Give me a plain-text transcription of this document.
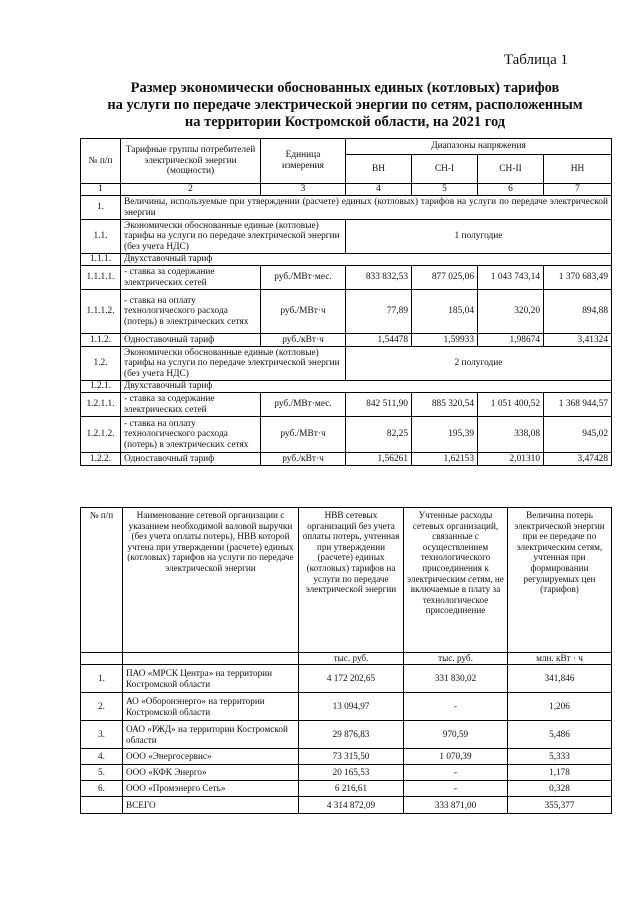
Таблица 1
Размер экономически обоснованных единых (котловых) тарифов
на услуги по передаче электрической энергии по сетям, расположенным
на территории Костромской области, на 2021 год
№ п/п	Тарифные группы потребителей электрической энергии (мощности)	Единица измерения	Диапазоны напряжения			
			ВН	СН-I	СН-II	НН
1	2	3	4	5	6	7
1.	Величины, используемые при утверждении (расчете) единых (котловых) тарифов на услуги по передаче электрической энергии					
1.1.	Экономически обоснованные единые (котловые) тарифы на услуги по передаче электрической энергии (без учета НДС)		1 полугодие			
1.1.1.	Двухставочный тариф					
1.1.1.1.	- ставка за содержание электрических сетей	руб./МВт·мес.	833 832,53	877 025,06	1 043 743,14	1 370 683,49
1.1.1.2.	- ставка на оплату технологического расхода (потерь) в электрических сетях	руб./МВт·ч	77,89	185,04	320,20	894,88
1.1.2.	Одноставочный тариф	руб./кВт·ч	1,54478	1,59933	1,98674	3,41324
1.2.	Экономически обоснованные единые (котловые) тарифы на услуги по передаче электрической энергии (без учета НДС)		2 полугодие			
1.2.1.	Двухставочный тариф					
1.2.1.1.	- ставка за содержание электрических сетей	руб./МВт·мес.	842 511,90	885 320,54	1 051 400,52	1 368 944,57
1.2.1.2.	- ставка на оплату технологического расхода (потерь) в электрических сетях	руб./МВт·ч	82,25	195,39	338,08	945,02
1.2.2.	Одноставочный тариф	руб./кВт·ч	1,56261	1,62153	2,01310	3,47428
№ п/п	Наименование сетевой организации с указанием необходимой валовой выручки (без учета оплаты потерь), НВВ которой учтена при утверждении (расчете) единых (котловых) тарифов на услуги по передаче электрической энергии	НВВ сетевых организаций без учета оплаты потерь, учтенная при утверждении (расчете) единых (котловых) тарифов на услуги по передаче электрической энергии	Учтенные расходы сетевых организаций, связанные с осуществлением технологического присоединения к электрическим сетям, не включаемые в плату за технологическое присоединение	Величина потерь электрической энергии при ее передаче по электрическим сетям, учтенная при формировании регулируемых цен (тарифов)
		тыс. руб.	тыс. руб.	млн. кВт · ч
1.	ПАО «МРСК Центра» на территории Костромской области	4 172 202,65	331 830,02	341,846
2.	АО «Оборонэнерго» на территории Костромской области	13 094,97	-	1,206
3.	ОАО «РЖД» на территории Костромской области	29 876,83	970,59	5,486
4.	ООО «Энергосервис»	73 315,50	1 070,39	5,333
5.	ООО «КФК Энерго»	20 165,53	-	1,178
6.	ООО «Промэнерго Сеть»	6 216,61	-	0,328
	ВСЕГО	4 314 872,09	333 871,00	355,377
